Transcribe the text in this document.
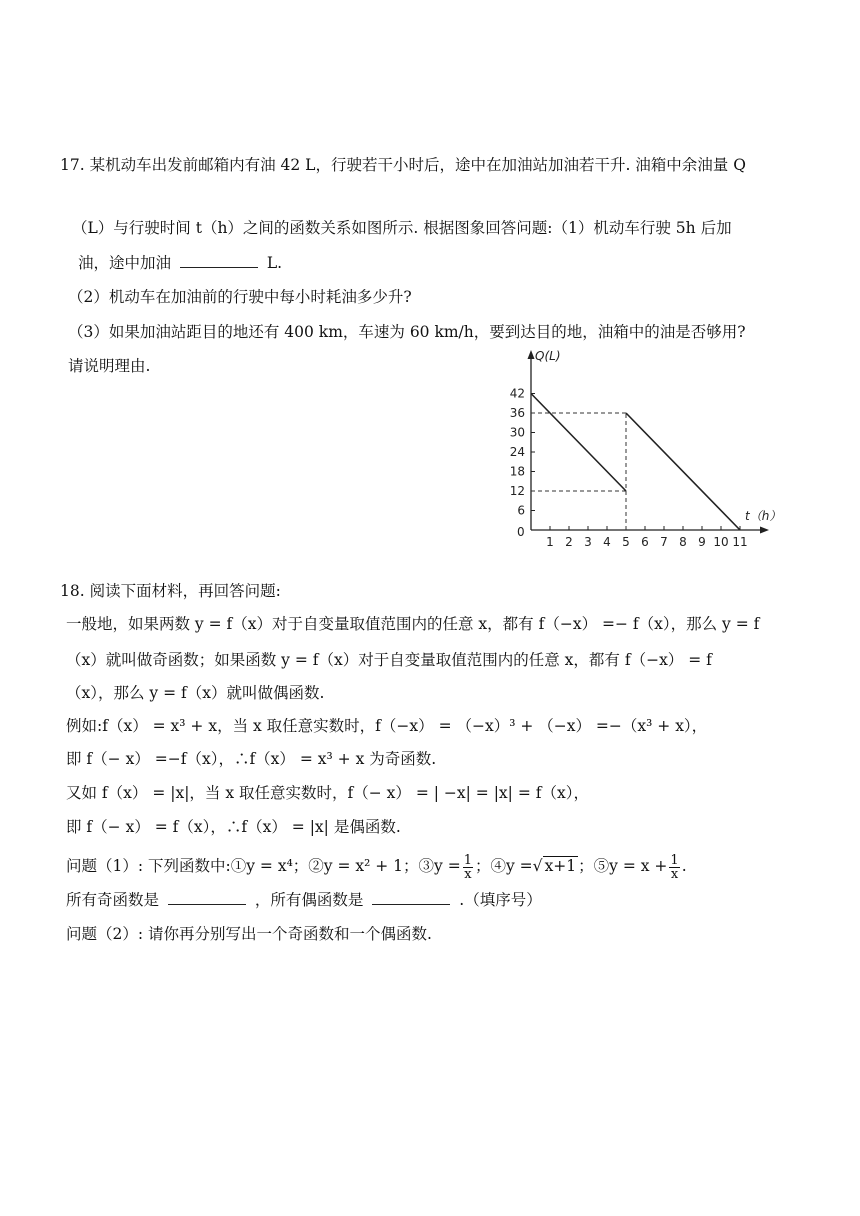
17. 某机动车出发前邮箱内有油 42 L，行驶若干小时后，途中在加油站加油若干升. 油箱中余油量 Q
（L）与行驶时间 t（h）之间的函数关系如图所示. 根据图象回答问题:（1）机动车行驶 5h 后加
油，途中加油	L.
（2）机动车在加油前的行驶中每小时耗油多少升?
（3）如果加油站距目的地还有 400 km，车速为 60 km/h，要到达目的地，油箱中的油是否够用?
请说明理由.
Q(L)
t（h）
0
1 2 3 4 5 6 7 8 9 10 11
6
12
18
24
30
36
42
18. 阅读下面材料，再回答问题:
一般地，如果两数 y = f（x）对于自变量取值范围内的任意 x，都有 f（−x） =− f（x），那么 y = f
（x）就叫做奇函数；如果函数 y = f（x）对于自变量取值范围内的任意 x，都有 f（−x） = f
（x），那么 y = f（x）就叫做偶函数.
例如:f（x） = x³ + x，当 x 取任意实数时，f（−x） = （−x）³ + （−x） =−（x³ + x），
即 f（− x） =−f（x），∴f（x） = x³ + x 为奇函数.
又如 f（x） = |x|，当 x 取任意实数时，f（− x） = | −x| = |x| = f（x），
即 f（− x） = f（x），∴f（x） = |x| 是偶函数.
问题（1）: 下列函数中:①y = x⁴；②y = x² + 1；③y = $\frac{1}{x}$ ；④y =√ x+1 ；⑤y = $x + \frac{1}{x}$ .
所有奇函数是	，所有偶函数是	.（填序号）
问题（2）: 请你再分别写出一个奇函数和一个偶函数.
